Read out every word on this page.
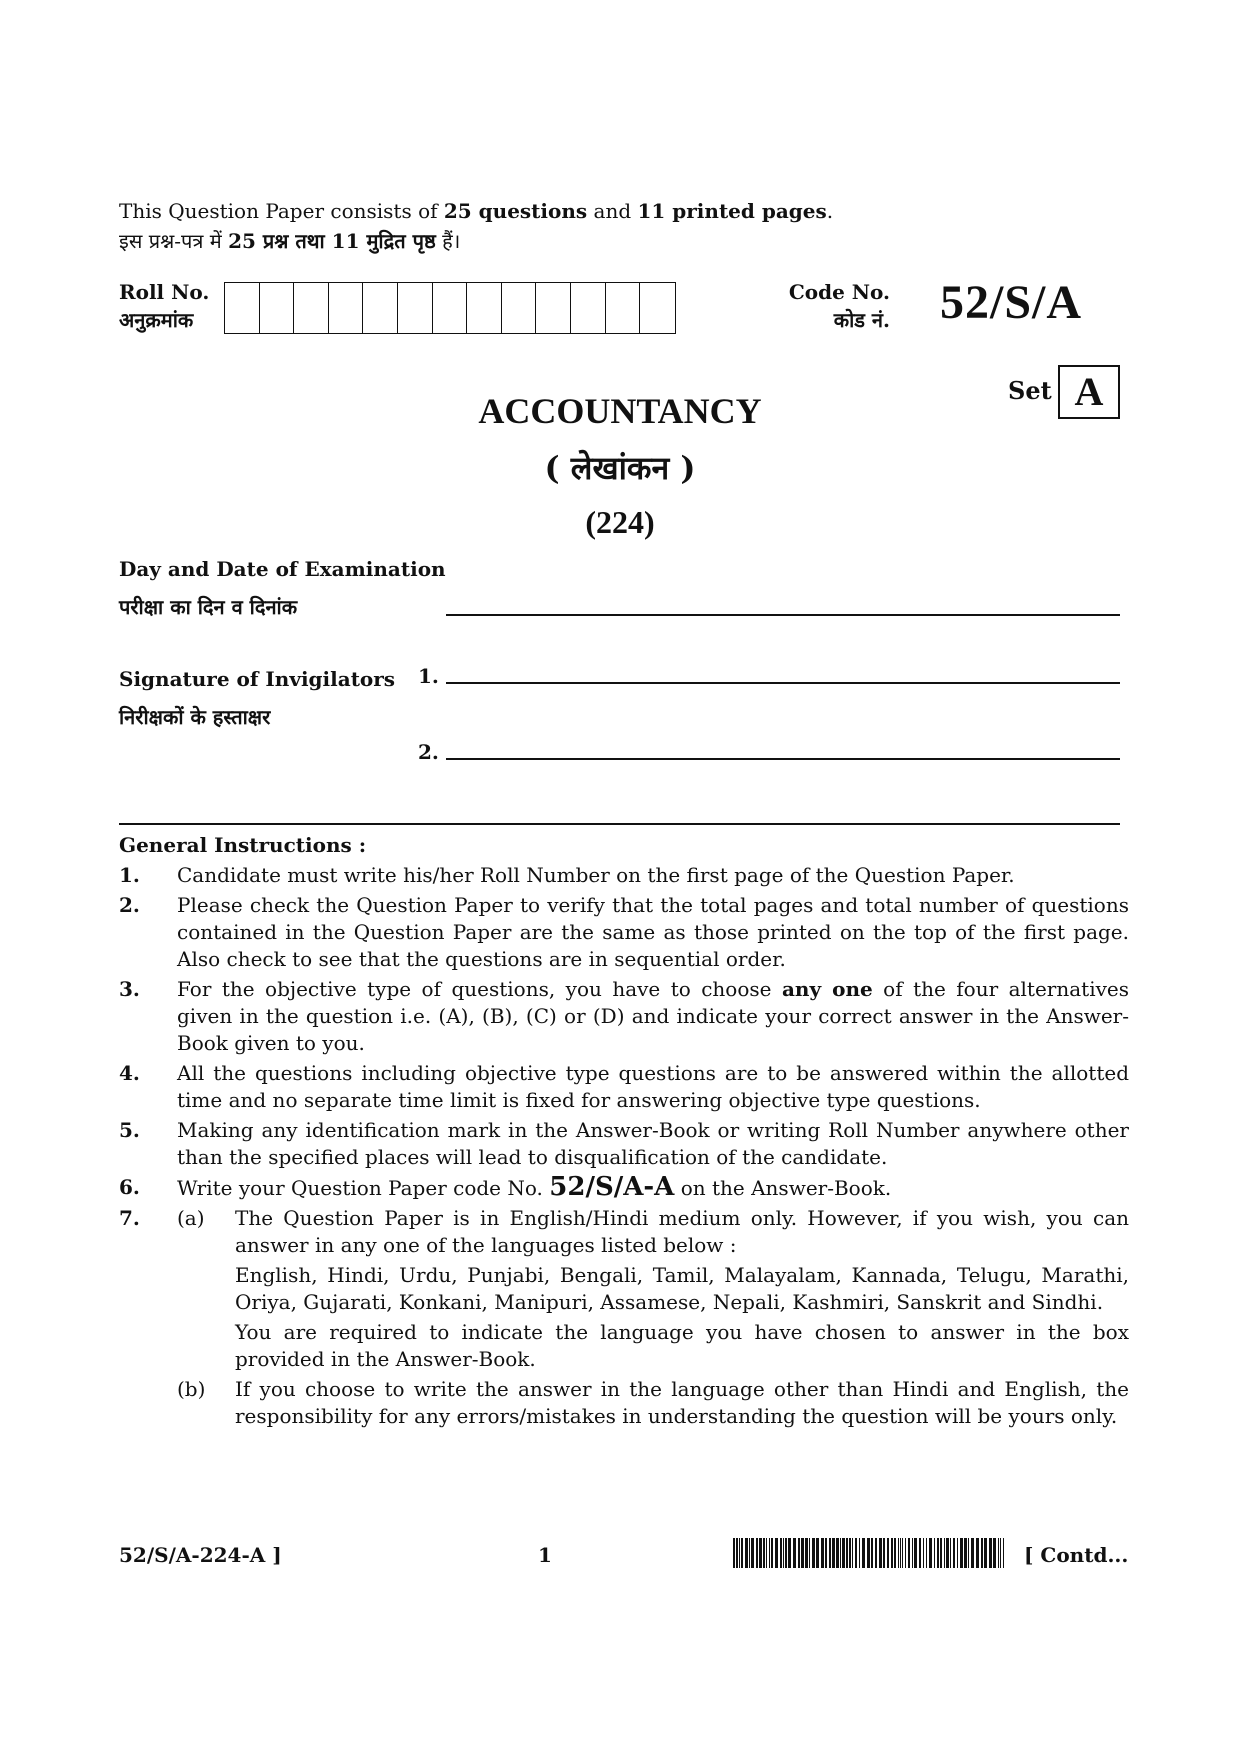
This Question Paper consists of 25 questions and 11 printed pages.
इस प्रश्न-पत्र में 25 प्रश्न तथा 11 मुद्रित पृष्ठ हैं।
Roll No.
अनुक्रमांक
Code No.
कोड नं. 52/S/A
Set A
ACCOUNTANCY
( लेखांकन )
(224)
Day and Date of Examination
परीक्षा का दिन व दिनांक
Signature of Invigilators
निरीक्षकों के हस्ताक्षर
1.
2.
General Instructions :
1.	Candidate must write his/her Roll Number on the first page of the Question Paper.
2.	Please check the Question Paper to verify that the total pages and total number of questions contained in the Question Paper are the same as those printed on the top of the first page. Also check to see that the questions are in sequential order.
3.	For the objective type of questions, you have to choose any one of the four alternatives given in the question i.e. (A), (B), (C) or (D) and indicate your correct answer in the Answer-Book given to you.
4.	All the questions including objective type questions are to be answered within the allotted time and no separate time limit is fixed for answering objective type questions.
5.	Making any identification mark in the Answer-Book or writing Roll Number anywhere other than the specified places will lead to disqualification of the candidate.
6.	Write your Question Paper code No. 52/S/A-A on the Answer-Book.
7.	(a)	The Question Paper is in English/Hindi medium only. However, if you wish, you can answer in any one of the languages listed below :

English, Hindi, Urdu, Punjabi, Bengali, Tamil, Malayalam, Kannada, Telugu, Marathi, Oriya, Gujarati, Konkani, Manipuri, Assamese, Nepali, Kashmiri, Sanskrit and Sindhi.

You are required to indicate the language you have chosen to answer in the box provided in the Answer-Book.

(b)	If you choose to write the answer in the language other than Hindi and English, the responsibility for any errors/mistakes in understanding the question will be yours only.
52/S/A-224-A ]	1	[ Contd...
